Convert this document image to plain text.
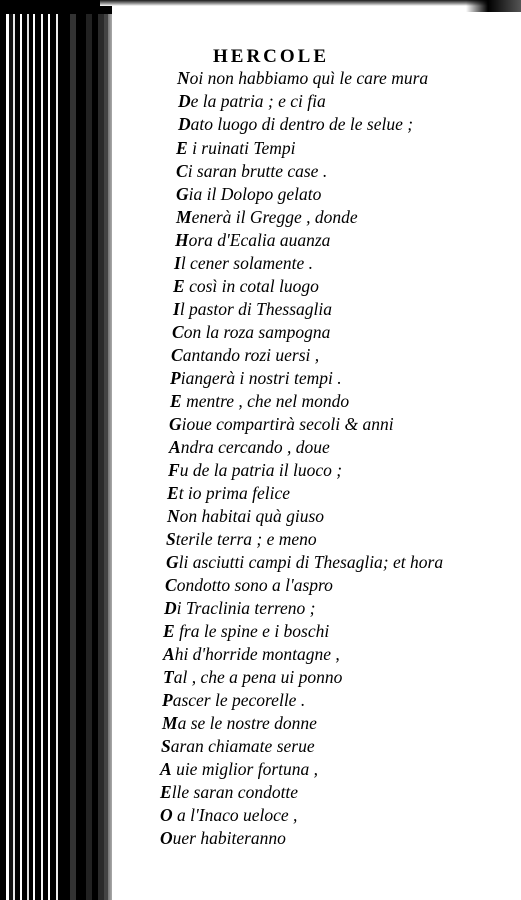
HERCOLE
Noi non habbiamo quì le care mura
De la patria ; e ci fia
Dato luogo di dentro de le selue ;
E i ruinati Tempi
Ci saran brutte case .
Gia il Dolopo gelato
Menerà il Gregge , donde
Hora d'Ecalia auanza
Il cener solamente .
E così in cotal luogo
Il pastor di Thessaglia
Con la roza sampogna
Cantando rozi uersi ,
Piangerà i nostri tempi .
E mentre , che nel mondo
Gioue compartirà secoli & anni
Andra cercando , doue
Fu de la patria il luoco ;
Et io prima felice
Non habitai quà giuso
Sterile terra ; e meno
Gli asciutti campi di Thesaglia; et hora
Condotto sono a l'aspro
Di Traclinia terreno ;
E fra le spine e i boschi
Ahi d'horride montagne ,
Tal , che a pena ui ponno
Pascer le pecorelle .
Ma se le nostre donne
Saran chiamate serue
A uie miglior fortuna ,
Elle saran condotte
O a l'Inaco ueloce ,
Ouer habiteranno
